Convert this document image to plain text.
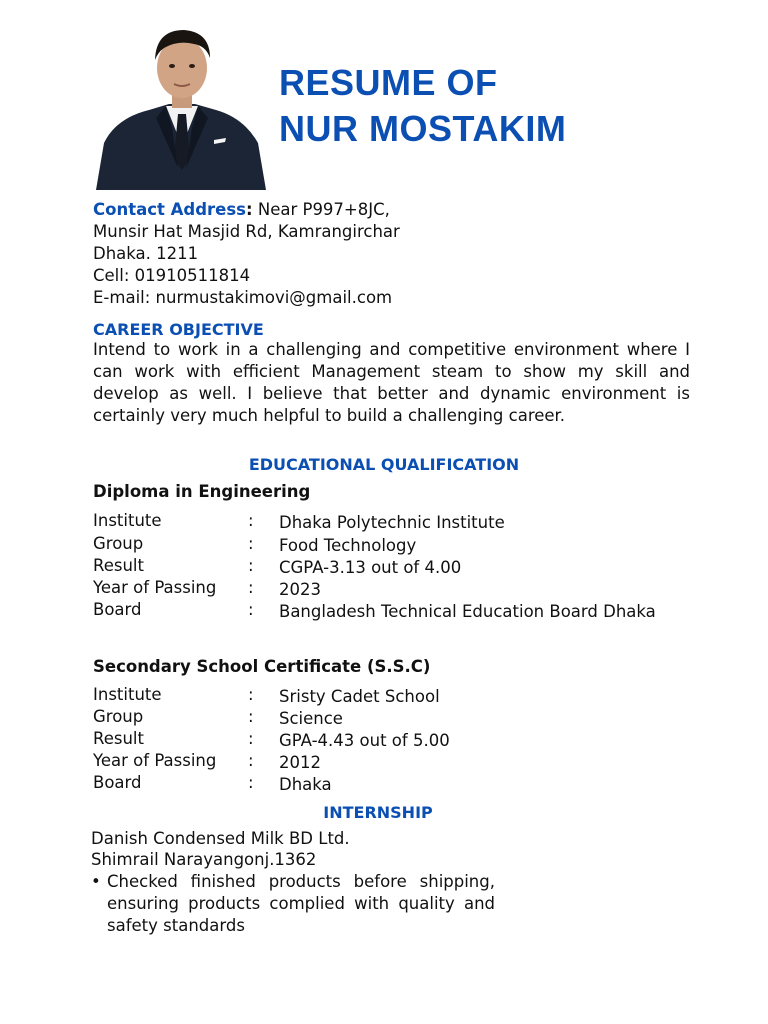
RESUME OF
NUR MOSTAKIM
Contact Address: Near P997+8JC,
Munsir Hat Masjid Rd, Kamrangirchar
Dhaka. 1211
Cell: 01910511814
E-mail: nurmustakimovi@gmail.com
CAREER OBJECTIVE
Intend to work in a challenging and competitive environment where I can work with efficient Management steam to show my skill and develop as well. I believe that better and dynamic environment is certainly very much helpful to build a challenging career.
EDUCATIONAL QUALIFICATION
Diploma in Engineering
Institute	: Dhaka Polytechnic Institute
Group	: Food Technology
Result	: CGPA-3.13 out of 4.00
Year of Passing : 2023
Board	: Bangladesh Technical Education Board Dhaka
Secondary School Certificate (S.S.C)
Institute	: Sristy Cadet School
Group	: Science
Result	: GPA-4.43 out of 5.00
Year of Passing : 2012
Board	: Dhaka
INTERNSHIP
Danish Condensed Milk BD Ltd.
Shimrail Narayangonj.1362
• Checked finished products before shipping, ensuring products complied with quality and safety standards
